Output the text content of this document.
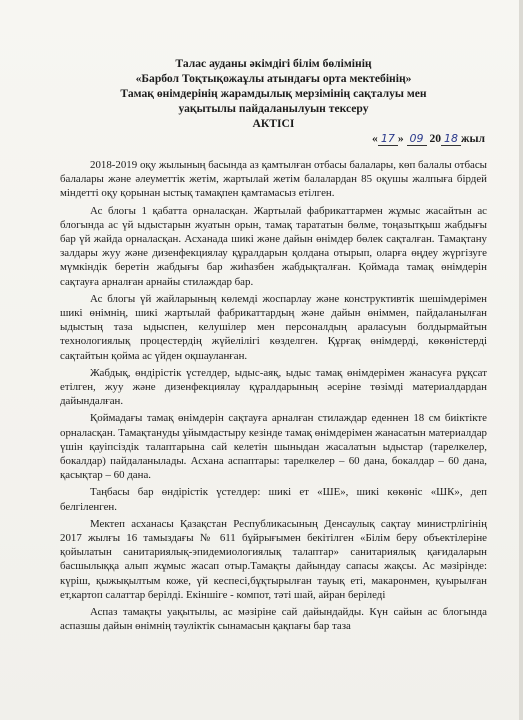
Талас ауданы әкімдігі білім бөлімінің
«Барбол Тоқтықожаұлы атындағы орта мектебінің»
Тамақ өнімдерінің жарамдылық мерзімінің сақталуы мен
уақытылы пайдаланылуын тексеру
АКТІСІ
« 17 » 09 20 18 жыл

2018-2019 оқу жылының басында аз қамтылған отбасы балалары, көп балалы отбасы балалары және әлеуметтік жетім, жартылай жетім балалардан 85 оқушы жалпыға бірдей міндетті оқу қорынан ыстық тамақпен қамтамасыз етілген.

Ас блогы 1 қабатта орналасқан. Жартылай фабрикаттармен жұмыс жасайтын ас блогында ас үй ыдыстарын жуатын орын, тамақ тарататын бөлме, тоңазытқыш жабдығы бар үй жайда орналасқан. Асханада шикі және дайын өнімдер бөлек сақталған. Тамақтану залдары жуу және дизенфекциялау құралдарын қолдана отырып, оларға өңдеу жүргізуге мүмкіндік беретін жабдығы бар жиһазбен жабдықталған. Қоймада тамақ өнімдерін сақтауға арналған арнайы стилаждар бар.

Ас блогы үй жайларының көлемді жоспарлау және конструктивтік шешімдерімен шикі өнімнің, шикі жартылай фабрикаттардың және дайын өніммен, пайдаланылған ыдыстың таза ыдыспен, келушілер мен персоналдың араласуын болдырмайтын технологиялық процестердің жүйелілігі көзделген. Құрғақ өнімдерді, көкөністерді сақтайтын қойма ас үйден оқшауланған.

Жабдық, өндірістік үстелдер, ыдыс-аяқ, ыдыс тамақ өнімдерімен жанасуға рұқсат етілген, жуу және дизенфекциялау құралдарының әсеріне төзімді материалдардан дайындалған.

Қоймадағы тамақ өнімдерін сақтауға арналған стилаждар еденнен 18 см биіктікте орналасқан. Тамақтануды ұйымдастыру кезінде тамақ өнімдерімен жанасатын материалдар үшін қауіпсіздік талаптарына сай келетін шыныдан жасалатын ыдыстар (тарелкелер, бокалдар) пайдаланылады. Асхана аспаптары: тарелкелер – 60 дана, бокалдар – 60 дана, қасықтар – 60 дана.

Таңбасы бар өндірістік үстелдер: шикі ет «ШЕ», шикі көкөніс «ШК», деп белгіленген.

Мектеп асханасы Қазақстан Республикасының Денсаулық сақтау министрлігінің 2017 жылғы 16 тамыздағы № 611 бұйрығымен бекітілген «Білім беру объектілеріне қойылатын санитариялық-эпидемиологиялық талаптар» санитариялық қағидаларын басшылыққа алып жұмыс жасап отыр.Тамақты дайындау сапасы жақсы. Ас мәзірінде: күріш, қыжықылтым коже, үй кеспесі,бұқтырылған тауық еті, макаронмен, қуырылған ет,картоп салаттар берілді. Екіншіге - компот, тәті шай, айран беріледі

Аспаз тамақты уақытылы, ас мәзіріне сай дайындайды. Күн сайын ас блогында аспазшы дайын өнімнің тәуліктік сынамасын қақпағы бар таза
